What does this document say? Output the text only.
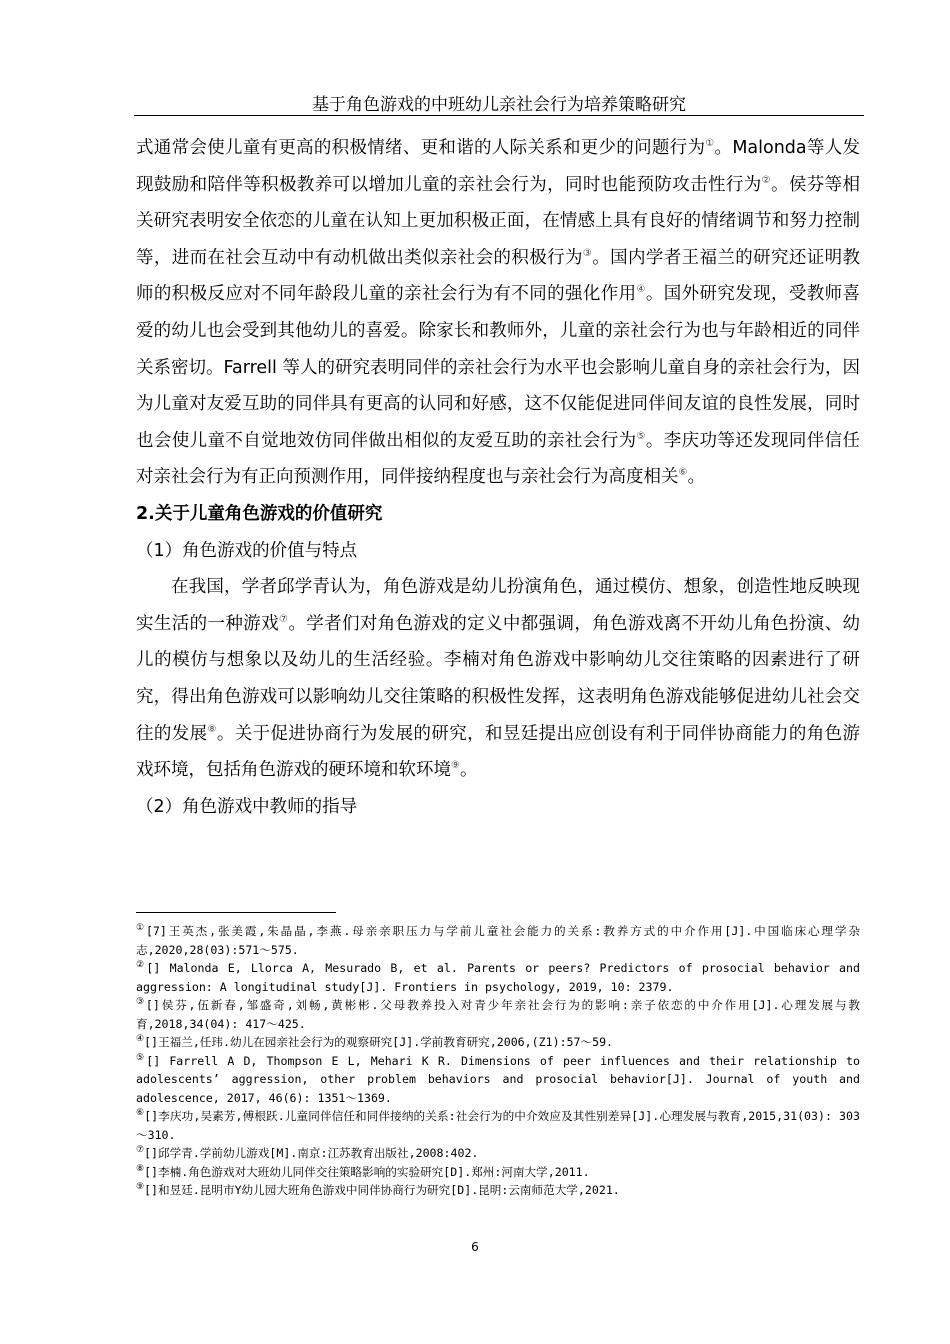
基于角色游戏的中班幼儿亲社会行为培养策略研究

式通常会使儿童有更高的积极情绪、更和谐的人际关系和更少的问题行为①。Malonda等人发现鼓励和陪伴等积极教养可以增加儿童的亲社会行为，同时也能预防攻击性行为②。侯芬等相关研究表明安全依恋的儿童在认知上更加积极正面，在情感上具有良好的情绪调节和努力控制等，进而在社会互动中有动机做出类似亲社会的积极行为③。国内学者王福兰的研究还证明教师的积极反应对不同年龄段儿童的亲社会行为有不同的强化作用④。国外研究发现，受教师喜爱的幼儿也会受到其他幼儿的喜爱。除家长和教师外，儿童的亲社会行为也与年龄相近的同伴关系密切。Farrell 等人的研究表明同伴的亲社会行为水平也会影响儿童自身的亲社会行为，因为儿童对友爱互助的同伴具有更高的认同和好感，这不仅能促进同伴间友谊的良性发展，同时也会使儿童不自觉地效仿同伴做出相似的友爱互助的亲社会行为⑤。李庆功等还发现同伴信任对亲社会行为有正向预测作用，同伴接纳程度也与亲社会行为高度相关⑥。

2.关于儿童角色游戏的价值研究

（1）角色游戏的价值与特点

在我国，学者邱学青认为，角色游戏是幼儿扮演角色，通过模仿、想象，创造性地反映现实生活的一种游戏⑦。学者们对角色游戏的定义中都强调，角色游戏离不开幼儿角色扮演、幼儿的模仿与想象以及幼儿的生活经验。李楠对角色游戏中影响幼儿交往策略的因素进行了研究，得出角色游戏可以影响幼儿交往策略的积极性发挥，这表明角色游戏能够促进幼儿社会交往的发展⑧。关于促进协商行为发展的研究，和昱廷提出应创设有利于同伴协商能力的角色游戏环境，包括角色游戏的硬环境和软环境⑨。

（2）角色游戏中教师的指导

①[7]王英杰,张美霞,朱晶晶,李燕.母亲亲职压力与学前儿童社会能力的关系:教养方式的中介作用[J].中国临床心理学杂志,2020,28(03):571～575.

②[] Malonda E, Llorca A, Mesurado B, et al. Parents or peers? Predictors of prosocial behavior and aggression: A longitudinal study[J]. Frontiers in psychology, 2019, 10: 2379.

③[]侯芬,伍新春,邹盛奇,刘畅,黄彬彬.父母教养投入对青少年亲社会行为的影响:亲子依恋的中介作用[J].心理发展与教育,2018,34(04): 417～425.

④[]王福兰,任玮.幼儿在园亲社会行为的观察研究[J].学前教育研究,2006,(Z1):57～59.

⑤[] Farrell A D, Thompson E L, Mehari K R. Dimensions of peer influences and their relationship to adolescents’ aggression, other problem behaviors and prosocial behavior[J]. Journal of youth and adolescence, 2017, 46(6): 1351～1369.

⑥[]李庆功,吴素芳,傅根跃.儿童同伴信任和同伴接纳的关系:社会行为的中介效应及其性别差异[J].心理发展与教育,2015,31(03): 303～310.

⑦[]邱学青.学前幼儿游戏[M].南京:江苏教育出版社,2008:402.

⑧[]李楠.角色游戏对大班幼儿同伴交往策略影响的实验研究[D].郑州:河南大学,2011.

⑨[]和昱廷.昆明市Y幼儿园大班角色游戏中同伴协商行为研究[D].昆明:云南师范大学,2021.

6
